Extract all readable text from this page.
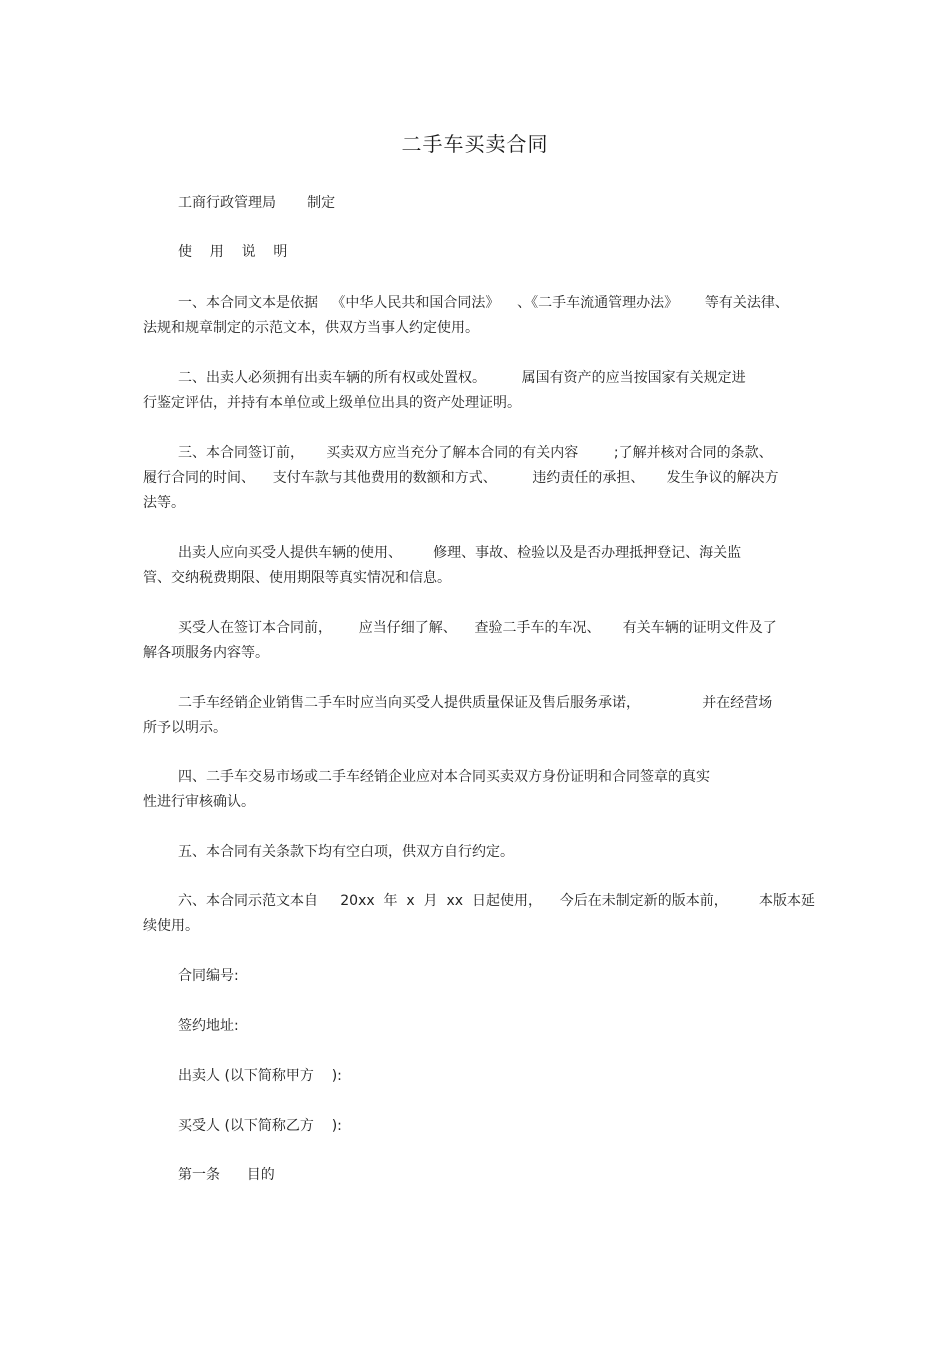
二手车买卖合同
工商行政管理局       制定
使    用    说    明
一、本合同文本是依据   《中华人民共和国合同法》    、《二手车流通管理办法》      等有关法律、
法规和规章制定的示范文本，供双方当事人约定使用。
二、出卖人必须拥有出卖车辆的所有权或处置权。        属国有资产的应当按国家有关规定进
行鉴定评估，并持有本单位或上级单位出具的资产处理证明。
三、本合同签订前，     买卖双方应当充分了解本合同的有关内容        ;了解并核对合同的条款、
履行合同的时间、    支付车款与其他费用的数额和方式、        违约责任的承担、     发生争议的解决方
法等。
出卖人应向买受人提供车辆的使用、       修理、事故、检验以及是否办理抵押登记、海关监
管、交纳税费期限、使用期限等真实情况和信息。
买受人在签订本合同前，      应当仔细了解、    查验二手车的车况、     有关车辆的证明文件及了
解各项服务内容等。
二手车经销企业销售二手车时应当向买受人提供质量保证及售后服务承诺，              并在经营场
所予以明示。
四、二手车交易市场或二手车经销企业应对本合同买卖双方身份证明和合同签章的真实
性进行审核确认。
五、本合同有关条款下均有空白项，供双方自行约定。
六、本合同示范文本自     20xx  年  x  月  xx  日起使用，    今后在未制定新的版本前，       本版本延
续使用。
合同编号:
签约地址:
出卖人 (以下简称甲方    ):
买受人 (以下简称乙方    ):
第一条      目的
